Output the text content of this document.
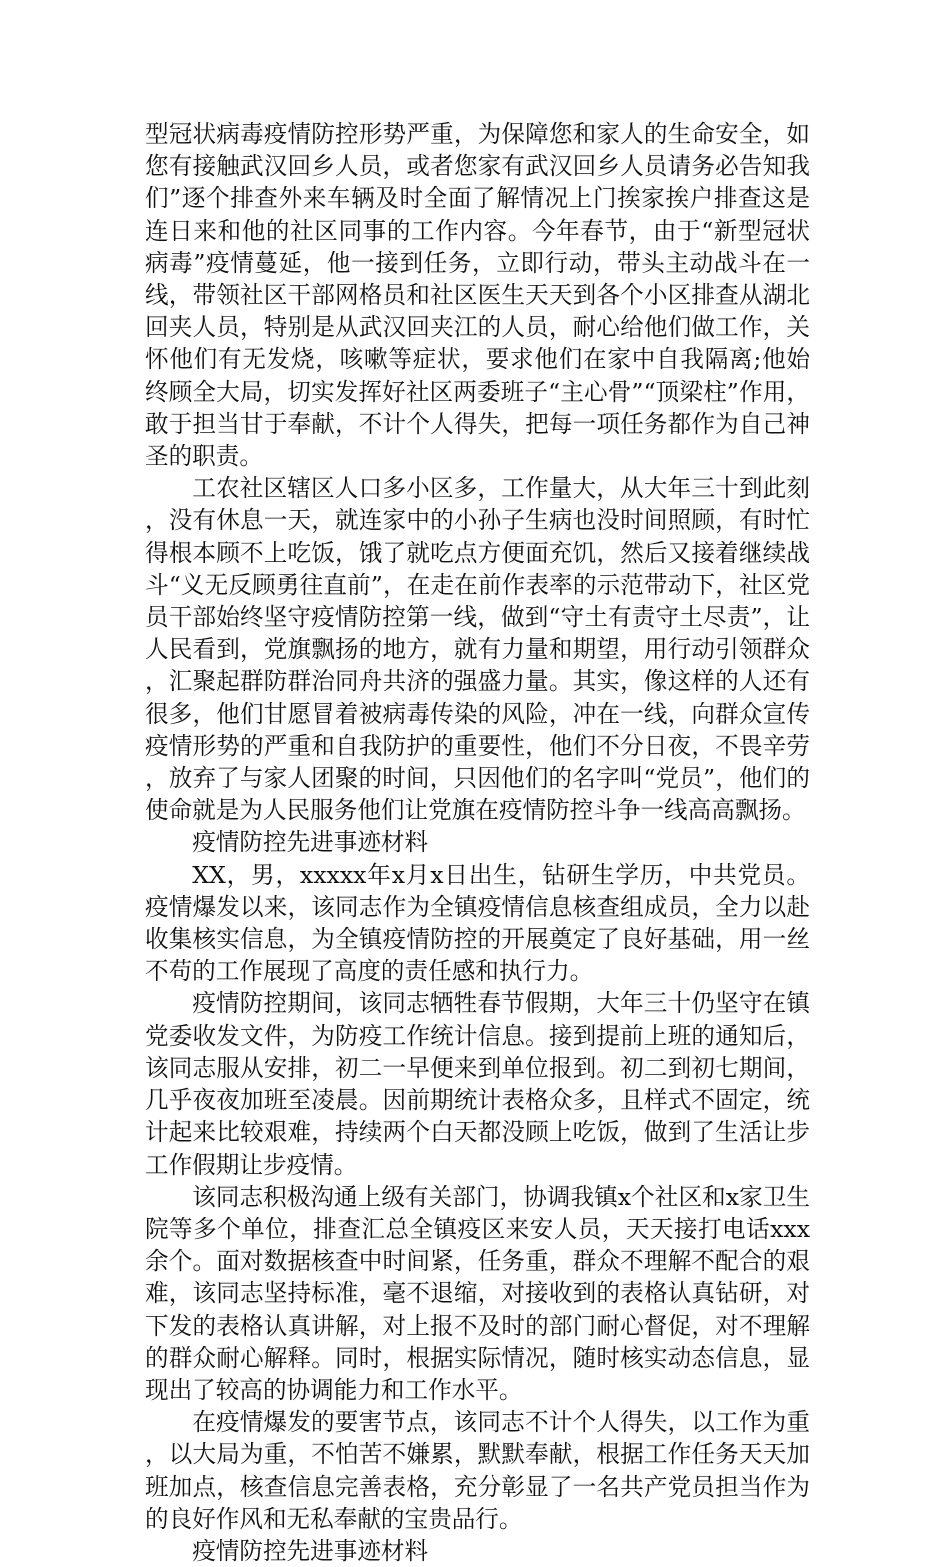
型冠状病毒疫情防控形势严重，为保障您和家人的生命安全，如您有接触武汉回乡人员，或者您家有武汉回乡人员请务必告知我们”逐个排查外来车辆及时全面了解情况上门挨家挨户排查这是连日来和他的社区同事的工作内容。今年春节，由于“新型冠状病毒”疫情蔓延，他一接到任务，立即行动，带头主动战斗在一线，带领社区干部网格员和社区医生天天到各个小区排查从湖北回夹人员，特别是从武汉回夹江的人员，耐心给他们做工作，关怀他们有无发烧，咳嗽等症状，要求他们在家中自我隔离;他始终顾全大局，切实发挥好社区两委班子“主心骨”“顶梁柱”作用，敢于担当甘于奉献，不计个人得失，把每一项任务都作为自己神圣的职责。

工农社区辖区人口多小区多，工作量大，从大年三十到此刻，没有休息一天，就连家中的小孙子生病也没时间照顾，有时忙得根本顾不上吃饭，饿了就吃点方便面充饥，然后又接着继续战斗“义无反顾勇往直前”，在走在前作表率的示范带动下，社区党员干部始终坚守疫情防控第一线，做到“守土有责守土尽责”，让人民看到，党旗飘扬的地方，就有力量和期望，用行动引领群众，汇聚起群防群治同舟共济的强盛力量。其实，像这样的人还有很多，他们甘愿冒着被病毒传染的风险，冲在一线，向群众宣传疫情形势的严重和自我防护的重要性，他们不分日夜，不畏辛劳，放弃了与家人团聚的时间，只因他们的名字叫“党员”，他们的使命就是为人民服务他们让党旗在疫情防控斗争一线高高飘扬。

疫情防控先进事迹材料

XX，男，xxxxx年x月x日出生，钻研生学历，中共党员。疫情爆发以来，该同志作为全镇疫情信息核查组成员，全力以赴收集核实信息，为全镇疫情防控的开展奠定了良好基础，用一丝不苟的工作展现了高度的责任感和执行力。

疫情防控期间，该同志牺牲春节假期，大年三十仍坚守在镇党委收发文件，为防疫工作统计信息。接到提前上班的通知后，该同志服从安排，初二一早便来到单位报到。初二到初七期间，几乎夜夜加班至凌晨。因前期统计表格众多，且样式不固定，统计起来比较艰难，持续两个白天都没顾上吃饭，做到了生活让步工作假期让步疫情。

该同志积极沟通上级有关部门，协调我镇x个社区和x家卫生院等多个单位，排查汇总全镇疫区来安人员，天天接打电话xxx余个。面对数据核查中时间紧，任务重，群众不理解不配合的艰难，该同志坚持标准，毫不退缩，对接收到的表格认真钻研，对下发的表格认真讲解，对上报不及时的部门耐心督促，对不理解的群众耐心解释。同时，根据实际情况，随时核实动态信息，显现出了较高的协调能力和工作水平。

在疫情爆发的要害节点，该同志不计个人得失，以工作为重，以大局为重，不怕苦不嫌累，默默奉献，根据工作任务天天加班加点，核查信息完善表格，充分彰显了一名共产党员担当作为的良好作风和无私奉献的宝贵品行。

疫情防控先进事迹材料
